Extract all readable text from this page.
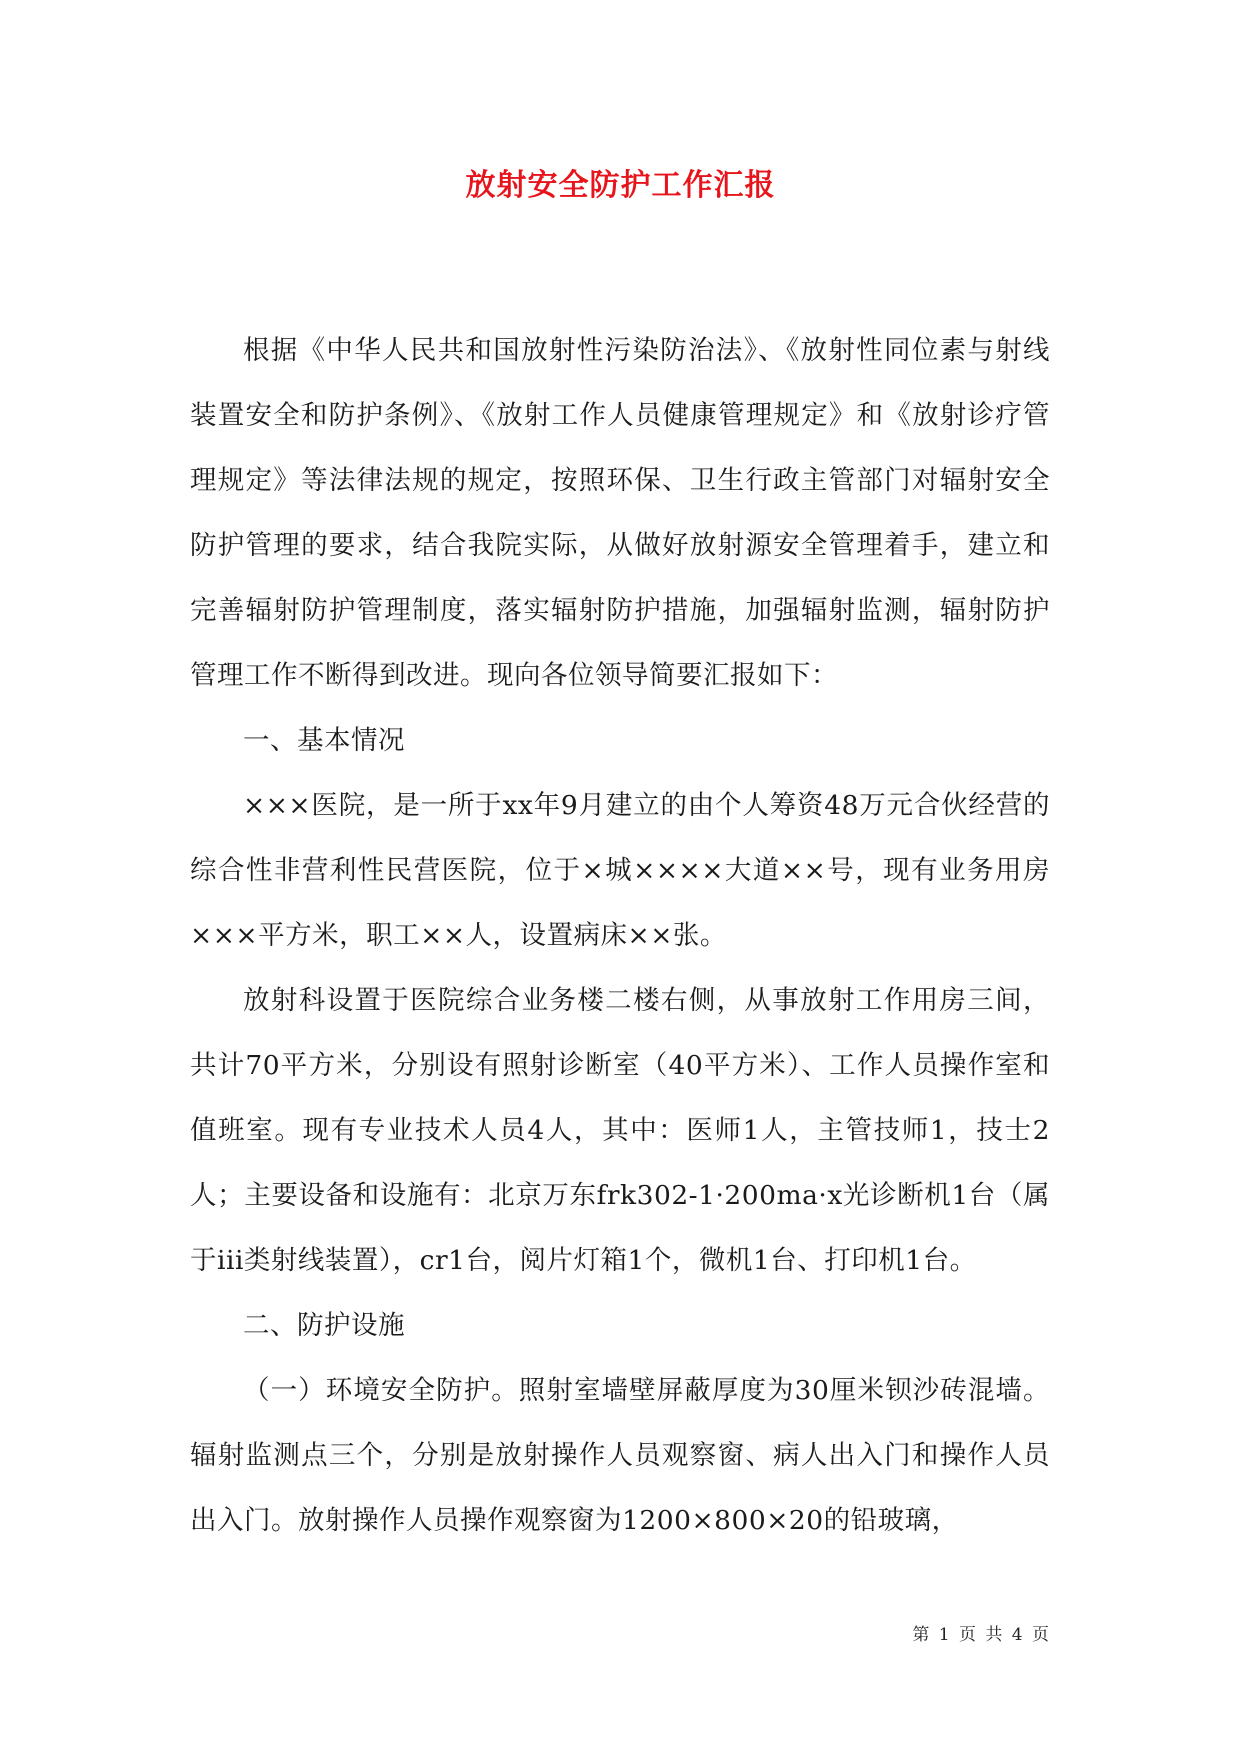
放射安全防护工作汇报

根据《中华人民共和国放射性污染防治法》、《放射性同位素与射线装置安全和防护条例》、《放射工作人员健康管理规定》和《放射诊疗管理规定》等法律法规的规定，按照环保、卫生行政主管部门对辐射安全防护管理的要求，结合我院实际，从做好放射源安全管理着手，建立和完善辐射防护管理制度，落实辐射防护措施，加强辐射监测，辐射防护管理工作不断得到改进。现向各位领导简要汇报如下：

一、基本情况

×××医院，是一所于xx年9月建立的由个人筹资48万元合伙经营的综合性非营利性民营医院，位于×城××××大道××号，现有业务用房×××平方米，职工××人，设置病床××张。

放射科设置于医院综合业务楼二楼右侧，从事放射工作用房三间，共计70平方米，分别设有照射诊断室（40平方米）、工作人员操作室和值班室。现有专业技术人员4人，其中：医师1人，主管技师1，技士2人；主要设备和设施有：北京万东frk302-1·200ma·x光诊断机1台（属于iii类射线装置），cr1台，阅片灯箱1个，微机1台、打印机1台。

二、防护设施

（一）环境安全防护。照射室墙壁屏蔽厚度为30厘米钡沙砖混墙。辐射监测点三个，分别是放射操作人员观察窗、病人出入门和操作人员出入门。放射操作人员操作观察窗为1200×800×20的铅玻璃，

第 1 页 共 4 页
